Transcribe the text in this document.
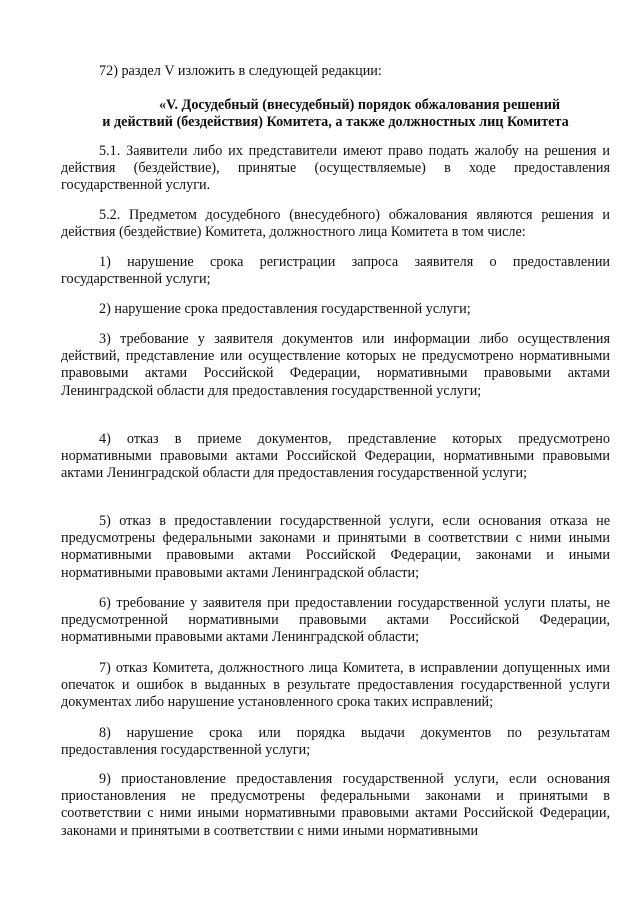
72) раздел V изложить в следующей редакции:

«V. Досудебный (внесудебный) порядок обжалования решений
и действий (бездействия) Комитета, а также должностных лиц Комитета

5.1. Заявители либо их представители имеют право подать жалобу на решения и действия (бездействие), принятые (осуществляемые) в ходе предоставления государственной услуги.

5.2. Предметом досудебного (внесудебного) обжалования являются решения и действия (бездействие) Комитета, должностного лица Комитета в том числе:

1) нарушение срока регистрации запроса заявителя о предоставлении государственной услуги;

2) нарушение срока предоставления государственной услуги;

3) требование у заявителя документов или информации либо осуществления действий, представление или осуществление которых не предусмотрено нормативными правовыми актами Российской Федерации, нормативными правовыми актами Ленинградской области для предоставления государственной услуги;

4) отказ в приеме документов, представление которых предусмотрено нормативными правовыми актами Российской Федерации, нормативными правовыми актами Ленинградской области для предоставления государственной услуги;

5) отказ в предоставлении государственной услуги, если основания отказа не предусмотрены федеральными законами и принятыми в соответствии с ними иными нормативными правовыми актами Российской Федерации, законами и иными нормативными правовыми актами Ленинградской области;

6) требование у заявителя при предоставлении государственной услуги платы, не предусмотренной нормативными правовыми актами Российской Федерации, нормативными правовыми актами Ленинградской области;

7) отказ Комитета, должностного лица Комитета, в исправлении допущенных ими опечаток и ошибок в выданных в результате предоставления государственной услуги документах либо нарушение установленного срока таких исправлений;

8) нарушение срока или порядка выдачи документов по результатам предоставления государственной услуги;

9) приостановление предоставления государственной услуги, если основания приостановления не предусмотрены федеральными законами и принятыми в соответствии с ними иными нормативными правовыми актами Российской Федерации, законами и принятыми в соответствии с ними иными нормативными
